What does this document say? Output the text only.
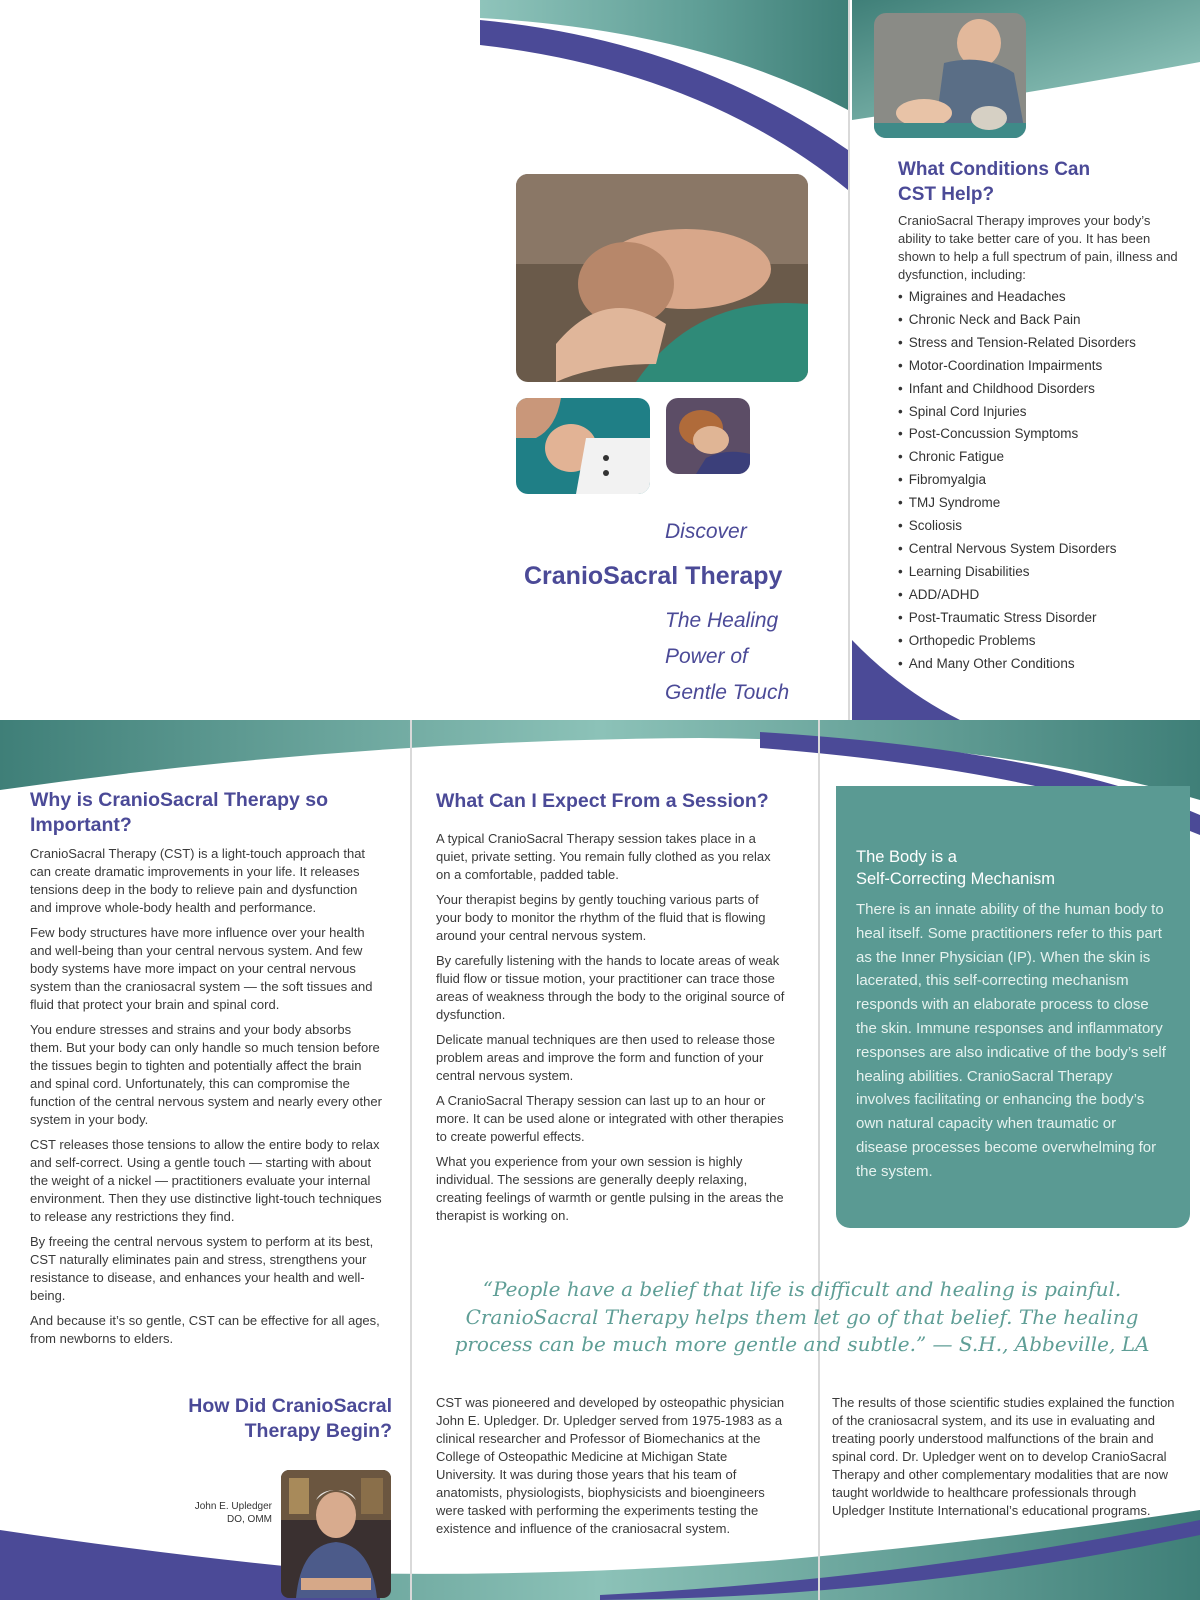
Discover
CranioSacral Therapy
The Healing
Power of
Gentle Touch
What Conditions Can
CST Help?

CranioSacral Therapy improves your body’s ability to take better care of you. It has been shown to help a full spectrum of pain, illness and dysfunction, including:

• Migraines and Headaches
• Chronic Neck and Back Pain
• Stress and Tension-Related Disorders
• Motor-Coordination Impairments
• Infant and Childhood Disorders
• Spinal Cord Injuries
• Post-Concussion Symptoms
• Chronic Fatigue
• Fibromyalgia
• TMJ Syndrome
• Scoliosis
• Central Nervous System Disorders
• Learning Disabilities
• ADD/ADHD
• Post-Traumatic Stress Disorder
• Orthopedic Problems
• And Many Other Conditions
Why is CranioSacral Therapy so
Important?

CranioSacral Therapy (CST) is a light-touch approach that can create dramatic improvements in your life. It releases tensions deep in the body to relieve pain and dysfunction and improve whole-body health and performance.

Few body structures have more influence over your health and well-being than your central nervous system. And few body systems have more impact on your central nervous system than the craniosacral system — the soft tissues and fluid that protect your brain and spinal cord.

You endure stresses and strains and your body absorbs them. But your body can only handle so much tension before the tissues begin to tighten and potentially affect the brain and spinal cord. Unfortunately, this can compromise the function of the central nervous system and nearly every other system in your body.

CST releases those tensions to allow the entire body to relax and self-correct. Using a gentle touch — starting with about the weight of a nickel — practitioners evaluate your internal environment. Then they use distinctive light-touch techniques to release any restrictions they find.

By freeing the central nervous system to perform at its best, CST naturally eliminates pain and stress, strengthens your resistance to disease, and enhances your health and well-being.

And because it’s so gentle, CST can be effective for all ages, from newborns to elders.

What Can I Expect From a Session?

A typical CranioSacral Therapy session takes place in a quiet, private setting. You remain fully clothed as you relax on a comfortable, padded table.

Your therapist begins by gently touching various parts of your body to monitor the rhythm of the fluid that is flowing around your central nervous system.

By carefully listening with the hands to locate areas of weak fluid flow or tissue motion, your practitioner can trace those areas of weakness through the body to the original source of dysfunction.

Delicate manual techniques are then used to release those problem areas and improve the form and function of your central nervous system.

A CranioSacral Therapy session can last up to an hour or more. It can be used alone or integrated with other therapies to create powerful effects.

What you experience from your own session is highly individual. The sessions are generally deeply relaxing, creating feelings of warmth or gentle pulsing in the areas the therapist is working on.

The Body is a
Self-Correcting Mechanism

There is an innate ability of the human body to heal itself. Some practitioners refer to this part as the Inner Physician (IP). When the skin is lacerated, this self-correcting mechanism responds with an elaborate process to close the skin. Immune responses and inflammatory responses are also indicative of the body’s self healing abilities. CranioSacral Therapy involves facilitating or enhancing the body’s own natural capacity when traumatic or disease processes become overwhelming for the system.

“People have a belief that life is difficult and healing is painful. CranioSacral Therapy helps them let go of that belief. The healing process can be much more gentle and subtle.” — S.H., Abbeville, LA

How Did CranioSacral
Therapy Begin?
John E. Upledger
DO, OMM

CST was pioneered and developed by osteopathic physician John E. Upledger. Dr. Upledger served from 1975-1983 as a clinical researcher and Professor of Biomechanics at the College of Osteopathic Medicine at Michigan State University. It was during those years that his team of anatomists, physiologists, biophysicists and bioengineers were tasked with performing the experiments testing the existence and influence of the craniosacral system.

The results of those scientific studies explained the function of the craniosacral system, and its use in evaluating and treating poorly understood malfunctions of the brain and spinal cord. Dr. Upledger went on to develop CranioSacral Therapy and other complementary modalities that are now taught worldwide to healthcare professionals through Upledger Institute International’s educational programs.
